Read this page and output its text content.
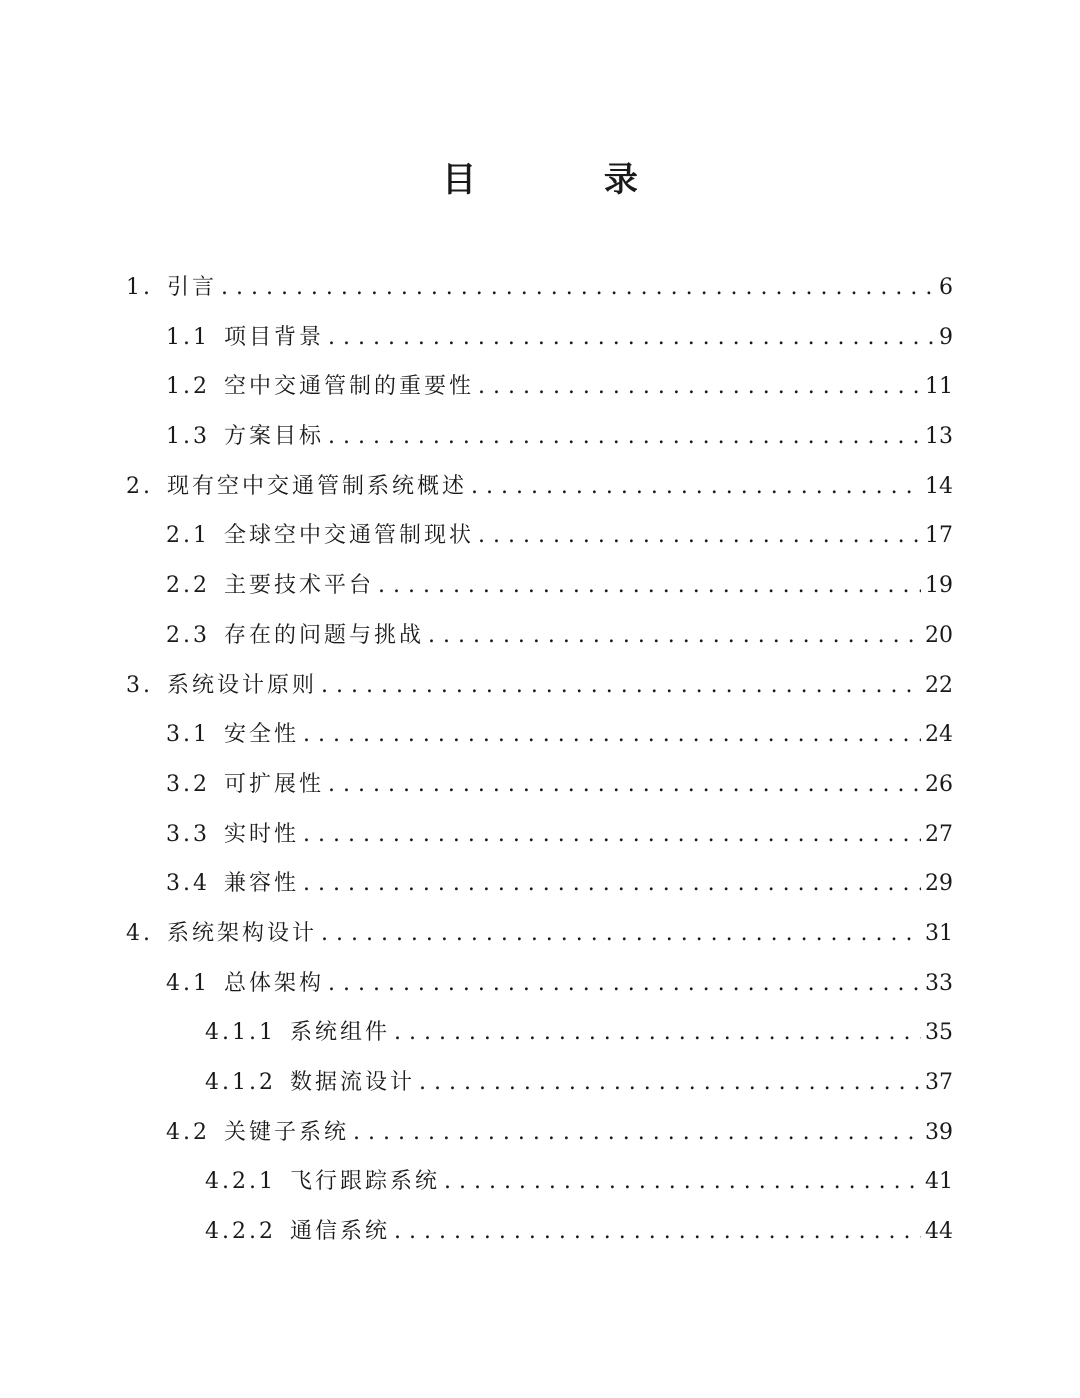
目 录
1. 引言 . . .	6
1.1 项目背景 . . .	9
1.2 空中交通管制的重要性 . . .	11
1.3 方案目标 . . .	13
2. 现有空中交通管制系统概述 . . .	14
2.1 全球空中交通管制现状 . . .	17
2.2 主要技术平台 . . .	19
2.3 存在的问题与挑战 . . .	20
3. 系统设计原则 . . .	22
3.1 安全性 . . .	24
3.2 可扩展性 . . .	26
3.3 实时性 . . .	27
3.4 兼容性 . . .	29
4. 系统架构设计 . . .	31
4.1 总体架构 . . .	33
4.1.1 系统组件 . . .	35
4.1.2 数据流设计 . . .	37
4.2 关键子系统 . . .	39
4.2.1 飞行跟踪系统 . . .	41
4.2.2 通信系统 . . .	44
